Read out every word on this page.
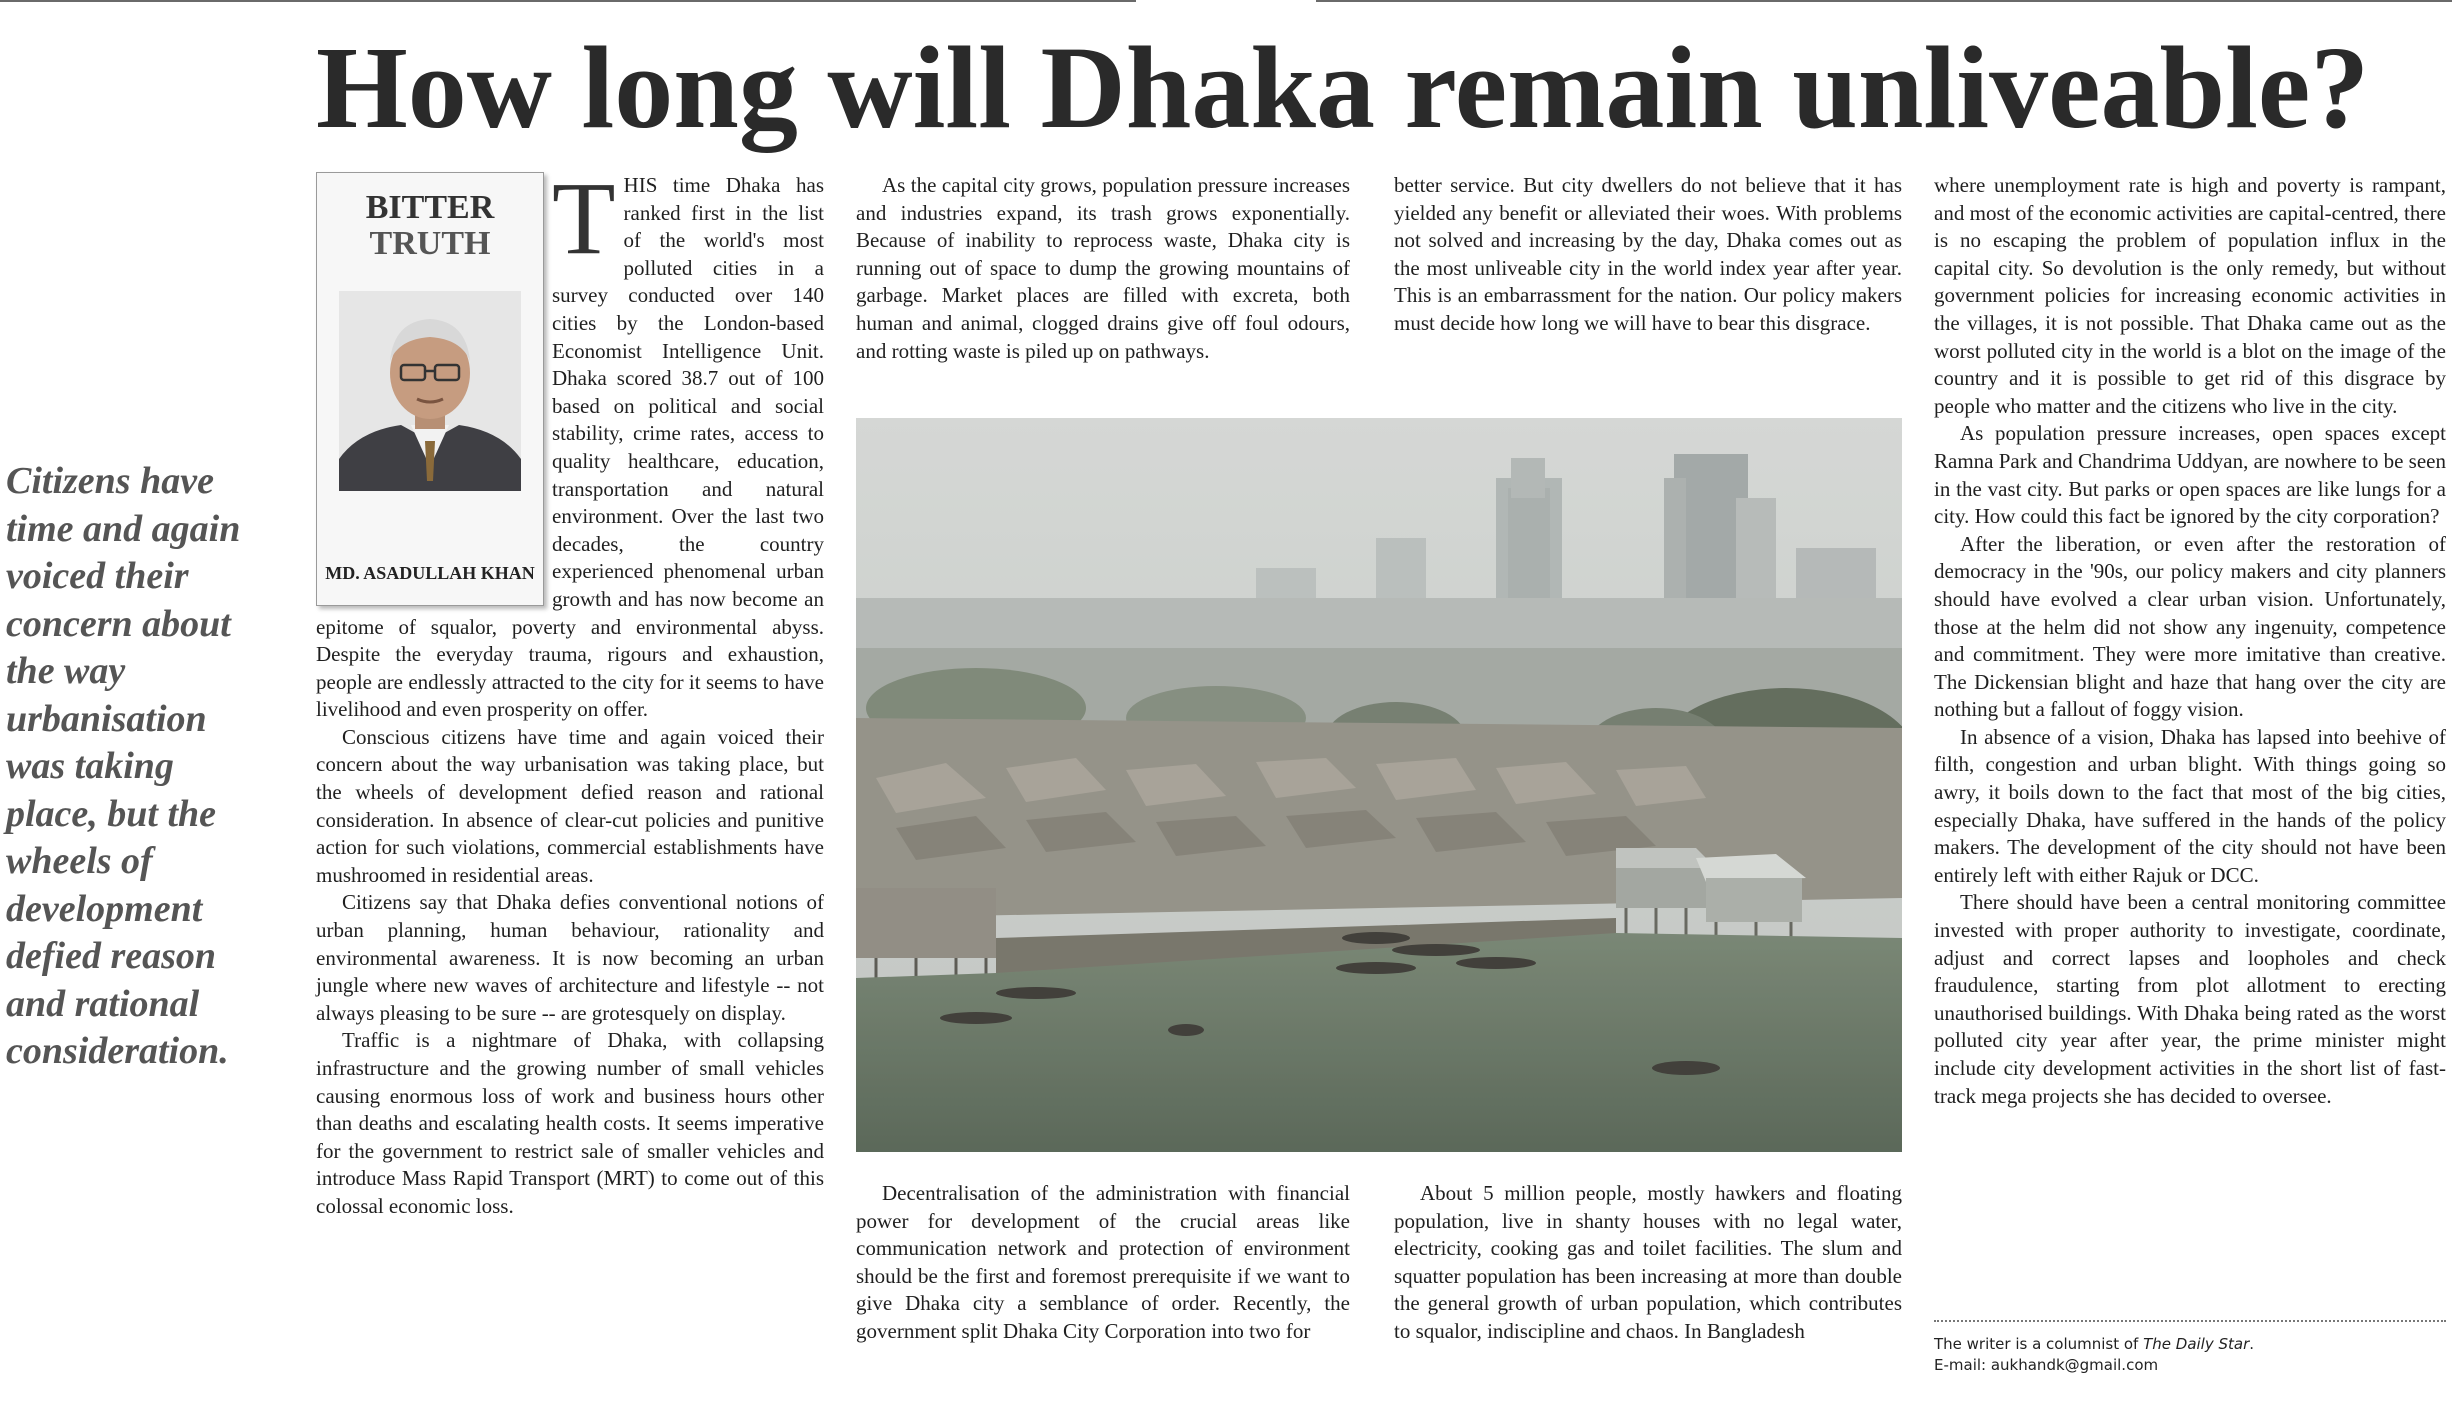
How long will Dhaka remain unliveable?

Citizens have time and again voiced their concern about the way urbanisation was taking place, but the wheels of development defied reason and rational consideration.

T HIS time Dhaka has ranked first in the list of the world's most polluted cities in a survey conducted over 140 cities by the London-based Economist Intelligence Unit. Dhaka scored 38.7 out of 100 based on political and social stability, crime rates, access to quality healthcare, education, transportation and natural environment. Over the last two decades, the country experienced phenomenal urban growth and has now become an epitome of squalor, poverty and environmental abyss. Despite the everyday trauma, rigours and exhaustion, people are endlessly attracted to the city for it seems to have livelihood and even prosperity on offer.

Conscious citizens have time and again voiced their concern about the way urbanisation was taking place, but the wheels of development defied reason and rational consideration. In absence of clear-cut policies and punitive action for such violations, commercial establishments have mushroomed in residential areas.

Citizens say that Dhaka defies conventional notions of urban planning, human behaviour, rationality and environmental awareness. It is now becoming an urban jungle where new waves of architecture and lifestyle -- not always pleasing to be sure -- are grotesquely on display.

Traffic is a nightmare of Dhaka, with collapsing infrastructure and the growing number of small vehicles causing enormous loss of work and business hours other than deaths and escalating health costs. It seems imperative for the government to restrict sale of smaller vehicles and introduce Mass Rapid Transport (MRT) to come out of this colossal economic loss.

BITTER
TRUTH
MD. ASADULLAH KHAN

As the capital city grows, population pressure increases and industries expand, its trash grows exponentially. Because of inability to reprocess waste, Dhaka city is running out of space to dump the growing mountains of garbage. Market places are filled with excreta, both human and animal, clogged drains give off foul odours, and rotting waste is piled up on pathways.

better service. But city dwellers do not believe that it has yielded any benefit or alleviated their woes. With problems not solved and increasing by the day, Dhaka comes out as the most unliveable city in the world index year after year. This is an embarrassment for the nation. Our policy makers must decide how long we will have to bear this disgrace.

Decentralisation of the administration with financial power for development of the crucial areas like communication network and protection of environment should be the first and foremost prerequisite if we want to give Dhaka city a semblance of order. Recently, the government split Dhaka City Corporation into two for

About 5 million people, mostly hawkers and floating population, live in shanty houses with no legal water, electricity, cooking gas and toilet facilities. The slum and squatter population has been increasing at more than double the general growth of urban population, which contributes to squalor, indiscipline and chaos. In Bangladesh

where unemployment rate is high and poverty is rampant, and most of the economic activities are capital-centred, there is no escaping the problem of population influx in the capital city. So devolution is the only remedy, but without government policies for increasing economic activities in the villages, it is not possible. That Dhaka came out as the worst polluted city in the world is a blot on the image of the country and it is possible to get rid of this disgrace by people who matter and the citizens who live in the city.

As population pressure increases, open spaces except Ramna Park and Chandrima Uddyan, are nowhere to be seen in the vast city. But parks or open spaces are like lungs for a city. How could this fact be ignored by the city corporation?

After the liberation, or even after the restoration of democracy in the '90s, our policy makers and city planners should have evolved a clear urban vision. Unfortunately, those at the helm did not show any ingenuity, competence and commitment. They were more imitative than creative. The Dickensian blight and haze that hang over the city are nothing but a fallout of foggy vision.

In absence of a vision, Dhaka has lapsed into beehive of filth, congestion and urban blight. With things going so awry, it boils down to the fact that most of the big cities, especially Dhaka, have suffered in the hands of the policy makers. The development of the city should not have been entirely left with either Rajuk or DCC.

There should have been a central monitoring committee invested with proper authority to investigate, coordinate, adjust and correct lapses and loopholes and check fraudulence, starting from plot allotment to erecting unauthorised buildings. With Dhaka being rated as the worst polluted city year after year, the prime minister might include city development activities in the short list of fast-track mega projects she has decided to oversee.

The writer is a columnist of The Daily Star.
E-mail: aukhandk@gmail.com
